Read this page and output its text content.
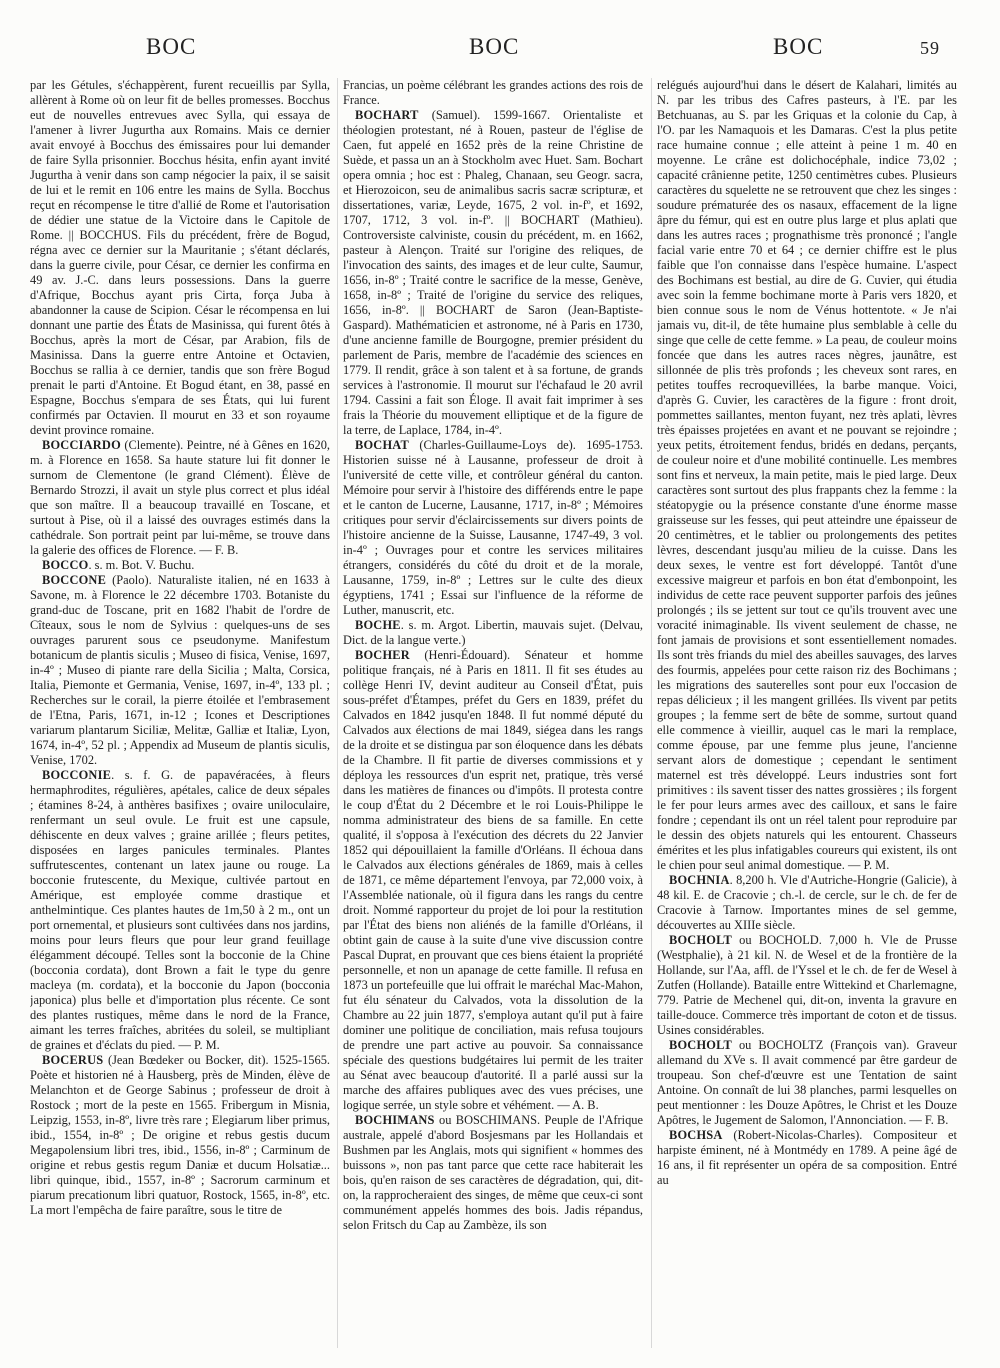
BOC	BOC	BOC	59

par les Gétules, s'échappèrent, furent recueillis par Sylla, allèrent à Rome où on leur fit de belles promesses. Bocchus eut de nouvelles entrevues avec Sylla, qui essaya de l'amener à livrer Jugurtha aux Romains. Mais ce dernier avait envoyé à Bocchus des émissaires pour lui demander de faire Sylla prisonnier. Bocchus hésita, enfin ayant invité Jugurtha à venir dans son camp négocier la paix, il se saisit de lui et le remit en 106 entre les mains de Sylla. Bocchus reçut en récompense le titre d'allié de Rome et l'autorisation de dédier une statue de la Victoire dans le Capitole de Rome. || BOCCHUS. Fils du précédent, frère de Bogud, régna avec ce dernier sur la Mauritanie ; s'étant déclarés, dans la guerre civile, pour César, ce dernier les confirma en 49 av. J.-C. dans leurs possessions. Dans la guerre d'Afrique, Bocchus ayant pris Cirta, força Juba à abandonner la cause de Scipion. César le récompensa en lui donnant une partie des États de Masinissa, qui furent ôtés à Bocchus, après la mort de César, par Arabion, fils de Masinissa. Dans la guerre entre Antoine et Octavien, Bocchus se rallia à ce dernier, tandis que son frère Bogud prenait le parti d'Antoine. Et Bogud étant, en 38, passé en Espagne, Bocchus s'empara de ses États, qui lui furent confirmés par Octavien. Il mourut en 33 et son royaume devint province romaine.

BOCCIARDO (Clemente). Peintre, né à Gênes en 1620, m. à Florence en 1658. Sa haute stature lui fit donner le surnom de Clementone (le grand Clément). Élève de Bernardo Strozzi, il avait un style plus correct et plus idéal que son maître. Il a beaucoup travaillé en Toscane, et surtout à Pise, où il a laissé des ouvrages estimés dans la cathédrale. Son portrait peint par lui-même, se trouve dans la galerie des offices de Florence. — F. B.

BOCCO. s. m. Bot. V. Buchu.

BOCCONE (Paolo). Naturaliste italien, né en 1633 à Savone, m. à Florence le 22 décembre 1703. Botaniste du grand-duc de Toscane, prit en 1682 l'habit de l'ordre de Cîteaux, sous le nom de Sylvius : quelques-uns de ses ouvrages parurent sous ce pseudonyme. Manifestum botanicum de plantis siculis ; Museo di fisica, Venise, 1697, in-4º ; Museo di piante rare della Sicilia ; Malta, Corsica, Italia, Piemonte et Germania, Venise, 1697, in-4º, 133 pl. ; Recherches sur le corail, la pierre étoilée et l'embrasement de l'Etna, Paris, 1671, in-12 ; Icones et Descriptiones variarum plantarum Siciliæ, Melitæ, Galliæ et Italiæ, Lyon, 1674, in-4º, 52 pl. ; Appendix ad Museum de plantis siculis, Venise, 1702.

BOCCONIE. s. f. G. de papavéracées, à fleurs hermaphrodites, régulières, apétales, calice de deux sépales ; étamines 8-24, à anthères basifixes ; ovaire uniloculaire, renfermant un seul ovule. Le fruit est une capsule, déhiscente en deux valves ; graine arillée ; fleurs petites, disposées en larges panicules terminales. Plantes suffrutescentes, contenant un latex jaune ou rouge. La bocconie frutescente, du Mexique, cultivée partout en Amérique, est employée comme drastique et anthelmintique. Ces plantes hautes de 1m,50 à 2 m., ont un port ornemental, et plusieurs sont cultivées dans nos jardins, moins pour leurs fleurs que pour leur grand feuillage élégamment découpé. Telles sont la bocconie de la Chine (bocconia cordata), dont Brown a fait le type du genre macleya (m. cordata), et la bocconie du Japon (bocconia japonica) plus belle et d'importation plus récente. Ce sont des plantes rustiques, même dans le nord de la France, aimant les terres fraîches, abritées du soleil, se multipliant de graines et d'éclats du pied. — P. M.

BOCERUS (Jean Bœdeker ou Bocker, dit). 1525-1565. Poète et historien né à Hausberg, près de Minden, élève de Melanchton et de George Sabinus ; professeur de droit à Rostock ; mort de la peste en 1565. Fribergum in Misnia, Leipzig, 1553, in-8º, livre très rare ; Elegiarum liber primus, ibid., 1554, in-8º ; De origine et rebus gestis ducum Megapolensium libri tres, ibid., 1556, in-8º ; Carminum de origine et rebus gestis regum Daniæ et ducum Holsatiæ... libri quinque, ibid., 1557, in-8º ; Sacrorum carminum et piarum precationum libri quatuor, Rostock, 1565, in-8º, etc. La mort l'empêcha de faire paraître, sous le titre de

Francias, un poème célébrant les grandes actions des rois de France.

BOCHART (Samuel). 1599-1667. Orientaliste et théologien protestant, né à Rouen, pasteur de l'église de Caen, fut appelé en 1652 près de la reine Christine de Suède, et passa un an à Stockholm avec Huet. Sam. Bochart opera omnia ; hoc est : Phaleg, Chanaan, seu Geogr. sacra, et Hierozoicon, seu de animalibus sacris sacræ scripturæ, et dissertationes, variæ, Leyde, 1675, 2 vol. in-fº, et 1692, 1707, 1712, 3 vol. in-fº. || BOCHART (Mathieu). Controversiste calviniste, cousin du précédent, m. en 1662, pasteur à Alençon. Traité sur l'origine des reliques, de l'invocation des saints, des images et de leur culte, Saumur, 1656, in-8º ; Traité contre le sacrifice de la messe, Genève, 1658, in-8º ; Traité de l'origine du service des reliques, 1656, in-8º. || BOCHART de Saron (Jean-Baptiste-Gaspard). Mathématicien et astronome, né à Paris en 1730, d'une ancienne famille de Bourgogne, premier président du parlement de Paris, membre de l'académie des sciences en 1779. Il rendit, grâce à son talent et à sa fortune, de grands services à l'astronomie. Il mourut sur l'échafaud le 20 avril 1794. Cassini a fait son Éloge. Il avait fait imprimer à ses frais la Théorie du mouvement elliptique et de la figure de la terre, de Laplace, 1784, in-4º.

BOCHAT (Charles-Guillaume-Loys de). 1695-1753. Historien suisse né à Lausanne, professeur de droit à l'université de cette ville, et contrôleur général du canton. Mémoire pour servir à l'histoire des différends entre le pape et le canton de Lucerne, Lausanne, 1717, in-8º ; Mémoires critiques pour servir d'éclaircissements sur divers points de l'histoire ancienne de la Suisse, Lausanne, 1747-49, 3 vol. in-4º ; Ouvrages pour et contre les services militaires étrangers, considérés du côté du droit et de la morale, Lausanne, 1759, in-8º ; Lettres sur le culte des dieux égyptiens, 1741 ; Essai sur l'influence de la réforme de Luther, manuscrit, etc.

BOCHE. s. m. Argot. Libertin, mauvais sujet. (Delvau, Dict. de la langue verte.)

BOCHER (Henri-Édouard). Sénateur et homme politique français, né à Paris en 1811. Il fit ses études au collège Henri IV, devint auditeur au Conseil d'État, puis sous-préfet d'Étampes, préfet du Gers en 1839, préfet du Calvados en 1842 jusqu'en 1848. Il fut nommé député du Calvados aux élections de mai 1849, siégea dans les rangs de la droite et se distingua par son éloquence dans les débats de la Chambre. Il fit partie de diverses commissions et y déploya les ressources d'un esprit net, pratique, très versé dans les matières de finances ou d'impôts. Il protesta contre le coup d'État du 2 Décembre et le roi Louis-Philippe le nomma administrateur des biens de sa famille. En cette qualité, il s'opposa à l'exécution des décrets du 22 Janvier 1852 qui dépouillaient la famille d'Orléans. Il échoua dans le Calvados aux élections générales de 1869, mais à celles de 1871, ce même département l'envoya, par 72,000 voix, à l'Assemblée nationale, où il figura dans les rangs du centre droit. Nommé rapporteur du projet de loi pour la restitution par l'État des biens non aliénés de la famille d'Orléans, il obtint gain de cause à la suite d'une vive discussion contre Pascal Duprat, en prouvant que ces biens étaient la propriété personnelle, et non un apanage de cette famille. Il refusa en 1873 un portefeuille que lui offrait le maréchal Mac-Mahon, fut élu sénateur du Calvados, vota la dissolution de la Chambre au 22 juin 1877, s'employa autant qu'il put à faire dominer une politique de conciliation, mais refusa toujours de prendre une part active au pouvoir. Sa connaissance spéciale des questions budgétaires lui permit de les traiter au Sénat avec beaucoup d'autorité. Il a parlé aussi sur la marche des affaires publiques avec des vues précises, une logique serrée, un style sobre et véhément. — A. B.

BOCHIMANS ou BOSCHIMANS. Peuple de l'Afrique australe, appelé d'abord Bosjesmans par les Hollandais et Bushmen par les Anglais, mots qui signifient « hommes des buissons », non pas tant parce que cette race habiterait les bois, qu'en raison de ses caractères de dégradation, qui, dit-on, la rapprocheraient des singes, de même que ceux-ci sont communément appelés hommes des bois. Jadis répandus, selon Fritsch du Cap au Zambèze, ils son

relégués aujourd'hui dans le désert de Kalahari, limités au N. par les tribus des Cafres pasteurs, à l'E. par les Betchuanas, au S. par les Griquas et la colonie du Cap, à l'O. par les Namaquois et les Damaras. C'est la plus petite race humaine connue ; elle atteint à peine 1 m. 40 en moyenne. Le crâne est dolichocéphale, indice 73,02 ; capacité crânienne petite, 1250 centimètres cubes. Plusieurs caractères du squelette ne se retrouvent que chez les singes : soudure prématurée des os nasaux, effacement de la ligne âpre du fémur, qui est en outre plus large et plus aplati que dans les autres races ; prognathisme très prononcé ; l'angle facial varie entre 70 et 64 ; ce dernier chiffre est le plus faible que l'on connaisse dans l'espèce humaine. L'aspect des Bochimans est bestial, au dire de G. Cuvier, qui étudia avec soin la femme bochimane morte à Paris vers 1820, et bien connue sous le nom de Vénus hottentote. « Je n'ai jamais vu, dit-il, de tête humaine plus semblable à celle du singe que celle de cette femme. » La peau, de couleur moins foncée que dans les autres races nègres, jaunâtre, est sillonnée de plis très profonds ; les cheveux sont rares, en petites touffes recroquevillées, la barbe manque. Voici, d'après G. Cuvier, les caractères de la figure : front droit, pommettes saillantes, menton fuyant, nez très aplati, lèvres très épaisses projetées en avant et ne pouvant se rejoindre ; yeux petits, étroitement fendus, bridés en dedans, perçants, de couleur noire et d'une mobilité continuelle. Les membres sont fins et nerveux, la main petite, mais le pied large. Deux caractères sont surtout des plus frappants chez la femme : la stéatopygie ou la présence constante d'une énorme masse graisseuse sur les fesses, qui peut atteindre une épaisseur de 20 centimètres, et le tablier ou prolongements des petites lèvres, descendant jusqu'au milieu de la cuisse. Dans les deux sexes, le ventre est fort développé. Tantôt d'une excessive maigreur et parfois en bon état d'embonpoint, les individus de cette race peuvent supporter parfois des jeûnes prolongés ; ils se jettent sur tout ce qu'ils trouvent avec une voracité inimaginable. Ils vivent seulement de chasse, ne font jamais de provisions et sont essentiellement nomades. Ils sont très friands du miel des abeilles sauvages, des larves des fourmis, appelées pour cette raison riz des Bochimans ; les migrations des sauterelles sont pour eux l'occasion de repas délicieux ; il les mangent grillées. Ils vivent par petits groupes ; la femme sert de bête de somme, surtout quand elle commence à vieillir, auquel cas le mari la remplace, comme épouse, par une femme plus jeune, l'ancienne servant alors de domestique ; cependant le sentiment maternel est très développé. Leurs industries sont fort primitives : ils savent tisser des nattes grossières ; ils forgent le fer pour leurs armes avec des cailloux, et sans le faire fondre ; cependant ils ont un réel talent pour reproduire par le dessin des objets naturels qui les entourent. Chasseurs émérites et les plus infatigables coureurs qui existent, ils ont le chien pour seul animal domestique. — P. M.

BOCHNIA. 8,200 h. Vle d'Autriche-Hongrie (Galicie), à 48 kil. E. de Cracovie ; ch.-l. de cercle, sur le ch. de fer de Cracovie à Tarnow. Importantes mines de sel gemme, découvertes au XIIIe siècle.

BOCHOLT ou BOCHOLD. 7,000 h. Vle de Prusse (Westphalie), à 21 kil. N. de Wesel et de la frontière de la Hollande, sur l'Aa, affl. de l'Yssel et le ch. de fer de Wesel à Zutfen (Hollande). Bataille entre Wittekind et Charlemagne, 779. Patrie de Mechenel qui, dit-on, inventa la gravure en taille-douce. Commerce très important de coton et de tissus. Usines considérables.

BOCHOLT ou BOCHOLTZ (François van). Graveur allemand du XVe s. Il avait commencé par être gardeur de troupeau. Son chef-d'œuvre est une Tentation de saint Antoine. On connaît de lui 38 planches, parmi lesquelles on peut mentionner : les Douze Apôtres, le Christ et les Douze Apôtres, le Jugement de Salomon, l'Annonciation. — F. B.

BOCHSA (Robert-Nicolas-Charles). Compositeur et harpiste éminent, né à Montmédy en 1789. A peine âgé de 16 ans, il fit représenter un opéra de sa composition. Entré au
